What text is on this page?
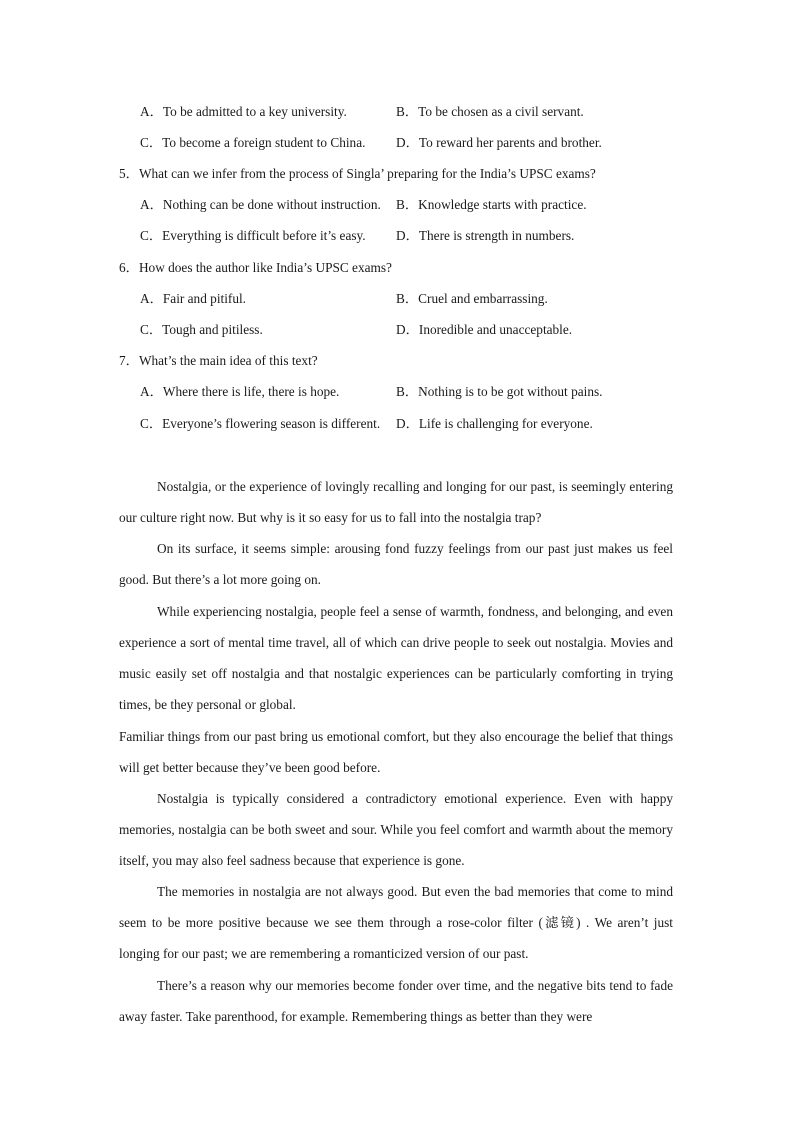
A．To be admitted to a key university.	B．To be chosen as a civil servant.
C．To become a foreign student to China. D．To reward her parents and brother.
5．What can we infer from the process of Singla’ preparing for the India’s UPSC exams?
A．Nothing can be done without instruction. B．Knowledge starts with practice.
C．Everything is difficult before it’s easy. D．There is strength in numbers.
6．How does the author like India’s UPSC exams?
A．Fair and pitiful.	B．Cruel and embarrassing.
C．Tough and pitiless.	D．Inoredible and unacceptable.
7．What’s the main idea of this text?
A．Where there is life, there is hope.	B．Nothing is to be got without pains.
C．Everyone’s flowering season is different. D．Life is challenging for everyone.

Nostalgia, or the experience of lovingly recalling and longing for our past, is seemingly entering our culture right now. But why is it so easy for us to fall into the nostalgia trap?

On its surface, it seems simple: arousing fond fuzzy feelings from our past just makes us feel good. But there’s a lot more going on.

While experiencing nostalgia, people feel a sense of warmth, fondness, and belonging, and even experience a sort of mental time travel, all of which can drive people to seek out nostalgia. Movies and music easily set off nostalgia and that nostalgic experiences can be particularly comforting in trying times, be they personal or global.

Familiar things from our past bring us emotional comfort, but they also encourage the belief that things will get better because they’ve been good before.

Nostalgia is typically considered a contradictory emotional experience. Even with happy memories, nostalgia can be both sweet and sour. While you feel comfort and warmth about the memory itself, you may also feel sadness because that experience is gone.

The memories in nostalgia are not always good. But even the bad memories that come to mind seem to be more positive because we see them through a rose-color filter (滤镜) . We aren’t just longing for our past; we are remembering a romanticized version of our past.

There’s a reason why our memories become fonder over time, and the negative bits tend to fade away faster. Take parenthood, for example. Remembering things as better than they were
